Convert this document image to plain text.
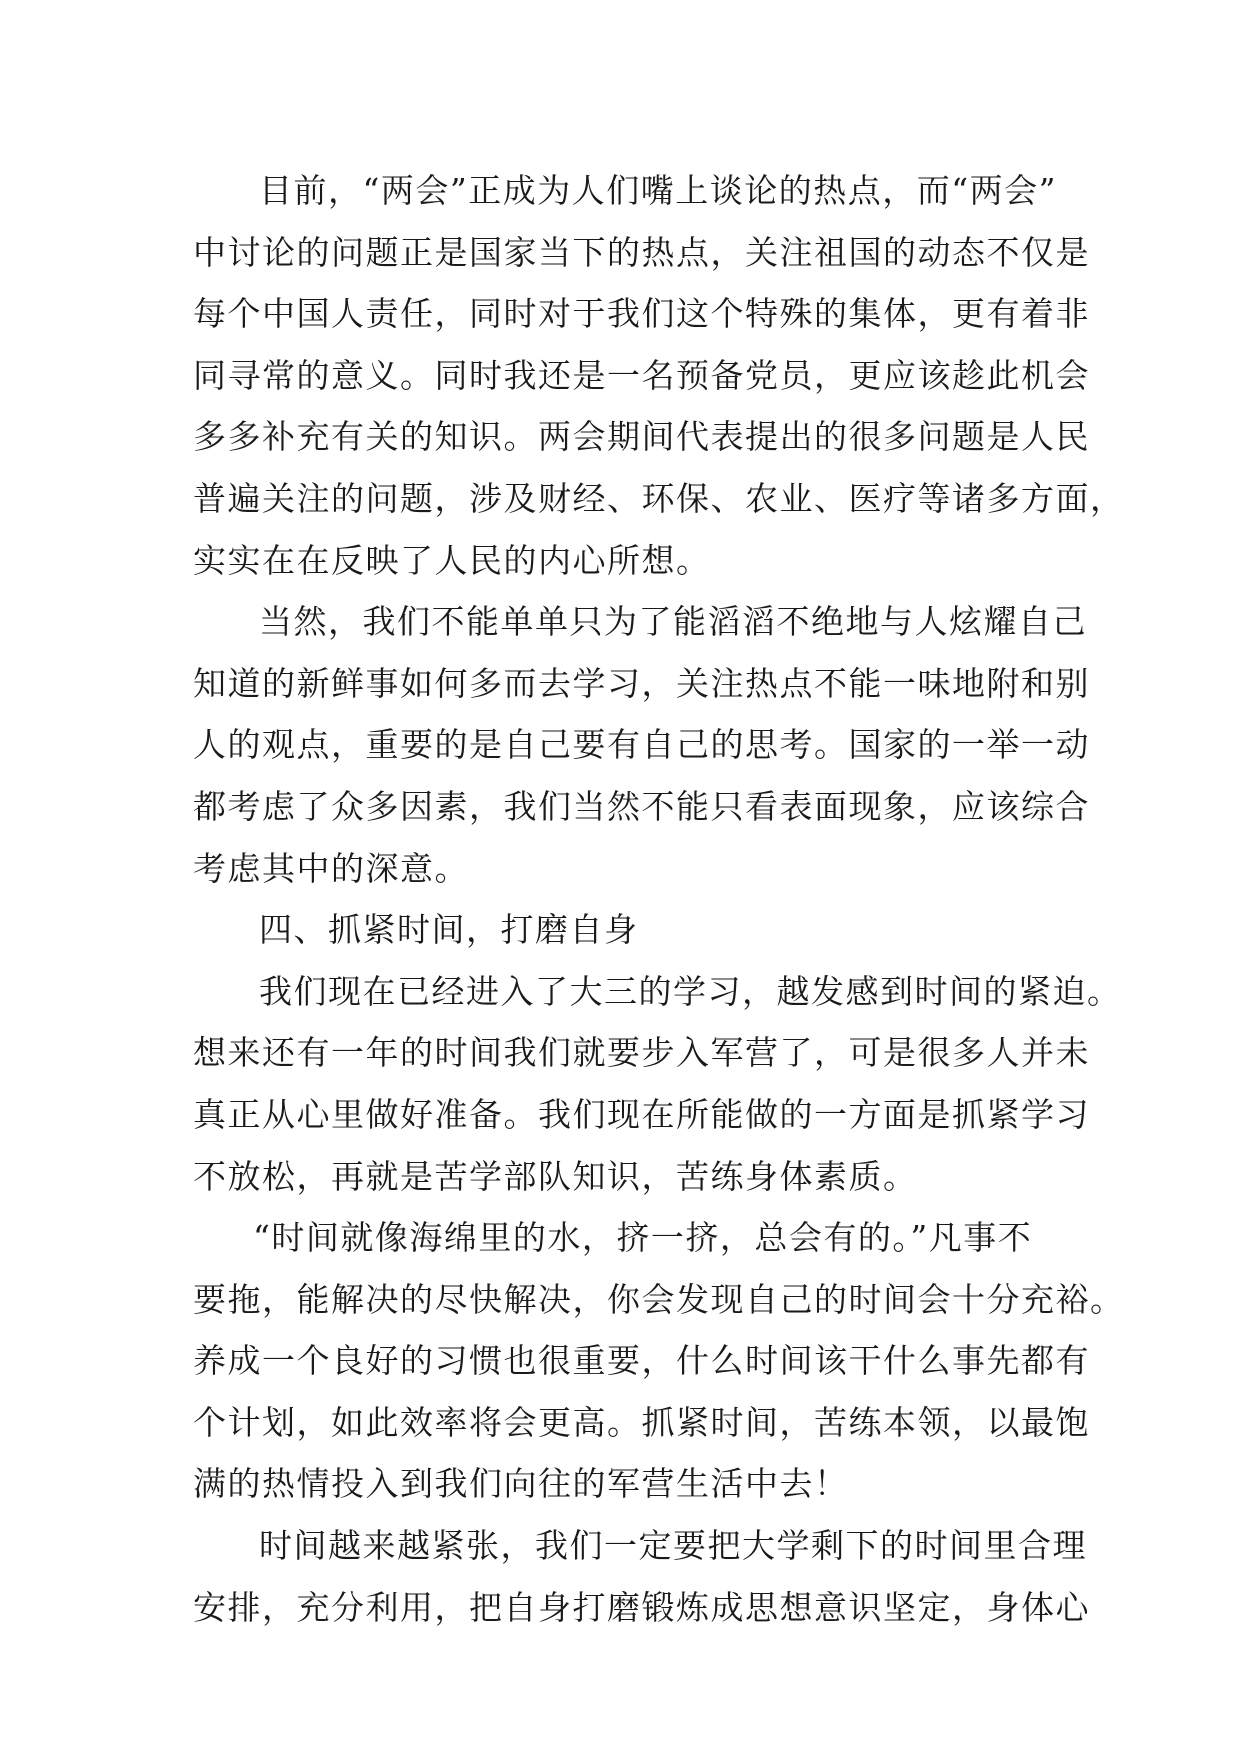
目前，“两会”正成为人们嘴上谈论的热点，而“两会”
中讨论的问题正是国家当下的热点，关注祖国的动态不仅是
每个中国人责任，同时对于我们这个特殊的集体，更有着非
同寻常的意义。同时我还是一名预备党员，更应该趁此机会
多多补充有关的知识。两会期间代表提出的很多问题是人民
普遍关注的问题，涉及财经、环保、农业、医疗等诸多方面，
实实在在反映了人民的内心所想。
当然，我们不能单单只为了能滔滔不绝地与人炫耀自己
知道的新鲜事如何多而去学习，关注热点不能一味地附和别
人的观点，重要的是自己要有自己的思考。国家的一举一动
都考虑了众多因素，我们当然不能只看表面现象，应该综合
考虑其中的深意。
四、抓紧时间，打磨自身
我们现在已经进入了大三的学习，越发感到时间的紧迫。
想来还有一年的时间我们就要步入军营了，可是很多人并未
真正从心里做好准备。我们现在所能做的一方面是抓紧学习
不放松，再就是苦学部队知识，苦练身体素质。
“时间就像海绵里的水，挤一挤，总会有的。”凡事不
要拖，能解决的尽快解决，你会发现自己的时间会十分充裕。
养成一个良好的习惯也很重要，什么时间该干什么事先都有
个计划，如此效率将会更高。抓紧时间，苦练本领，以最饱
满的热情投入到我们向往的军营生活中去！
时间越来越紧张，我们一定要把大学剩下的时间里合理
安排，充分利用，把自身打磨锻炼成思想意识坚定，身体心
